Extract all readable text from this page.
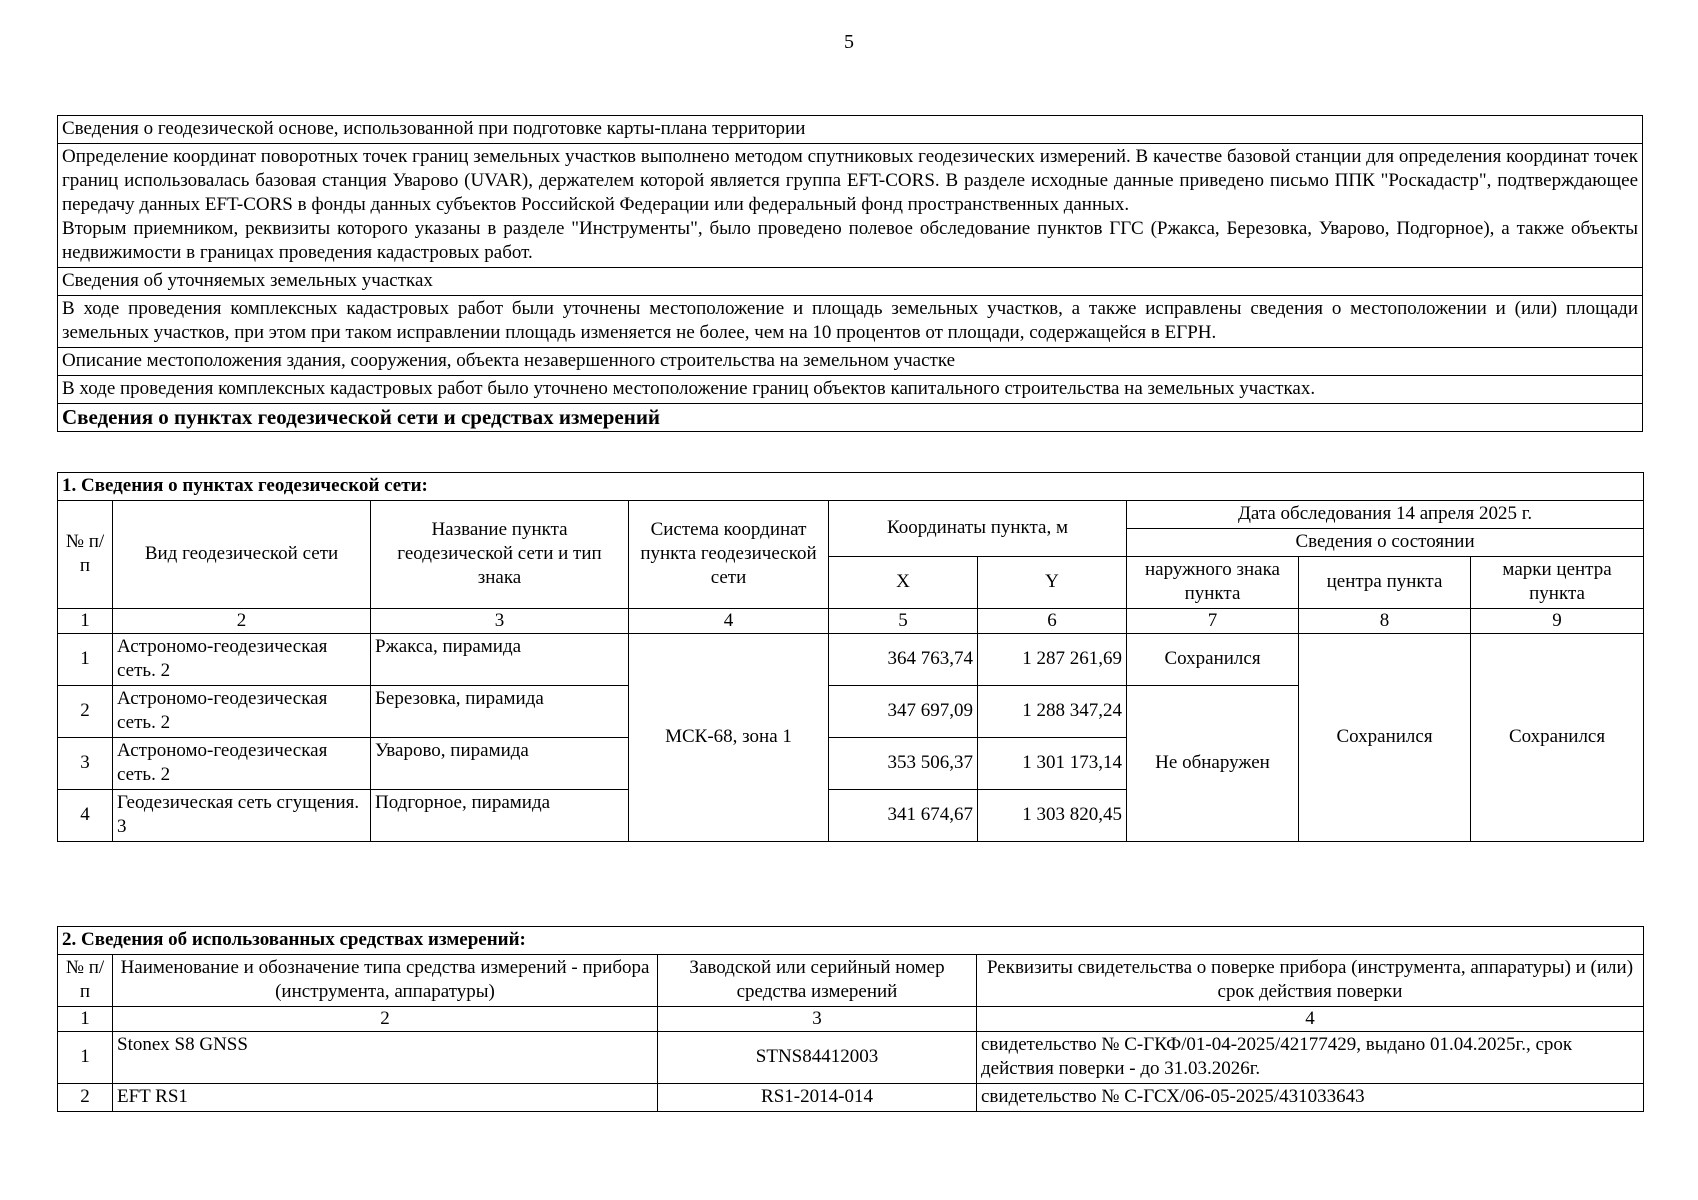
5
Сведения о геодезической основе, использованной при подготовке карты-плана территории

Определение координат поворотных точек границ земельных участков выполнено методом спутниковых геодезических измерений. В качестве базовой станции для определения координат точек границ использовалась базовая станция Уварово (UVAR), держателем которой является группа EFT-CORS. В разделе исходные данные приведено письмо ППК "Роскадастр", подтверждающее передачу данных EFT-CORS в фонды данных субъектов Российской Федерации или федеральный фонд пространственных данных.
Вторым приемником, реквизиты которого указаны в разделе "Инструменты", было проведено полевое обследование пунктов ГГС (Ржакса, Березовка, Уварово, Подгорное), а также объекты недвижимости в границах проведения кадастровых работ.

Сведения об уточняемых земельных участках
В ходе проведения комплексных кадастровых работ были уточнены местоположение и площадь земельных участков, а также исправлены сведения о местоположении и (или) площади земельных участков, при этом при таком исправлении площадь изменяется не более, чем на 10 процентов от площади, содержащейся в ЕГРН.
Описание местоположения здания, сооружения, объекта незавершенного строительства на земельном участке
В ходе проведения комплексных кадастровых работ было уточнено местоположение границ объектов капитального строительства на земельных участках.
Сведения о пунктах геодезической сети и средствах измерений
1. Сведения о пунктах геодезической сети:								
№ п/п	Вид геодезической сети	Название пункта геодезической сети и тип знака	Система координат пункта геодезической сети	Координаты пункта, м		Дата обследования 14 апреля 2025 г.		
						Сведения о состоянии		
				X	Y	наружного знака пункта	центра пункта	марки центра пункта
1	2	3	4	5	6	7	8	9
1	Астрономо-геодезическая сеть. 2	Ржакса, пирамида	МСК-68, зона 1	364 763,74	1 287 261,69	Сохранился	Сохранился	Сохранился
2	Астрономо-геодезическая сеть. 2	Березовка, пирамида		347 697,09	1 288 347,24	Не обнаружен		
3	Астрономо-геодезическая сеть. 2	Уварово, пирамида		353 506,37	1 301 173,14			
4	Геодезическая сеть сгущения. 3	Подгорное, пирамида		341 674,67	1 303 820,45			
2. Сведения об использованных средствах измерений:			
№ п/п	Наименование и обозначение типа средства измерений - прибора (инструмента, аппаратуры)	Заводской или серийный номер средства измерений	Реквизиты свидетельства о поверке прибора (инструмента, аппаратуры) и (или) срок действия поверки
1	2	3	4
1	Stonex S8 GNSS	STNS84412003	свидетельство № С-ГКФ/01-04-2025/42177429, выдано 01.04.2025г., срок действия поверки - до 31.03.2026г.
2	EFT RS1	RS1-2014-014	свидетельство № С-ГСХ/06-05-2025/431033643
